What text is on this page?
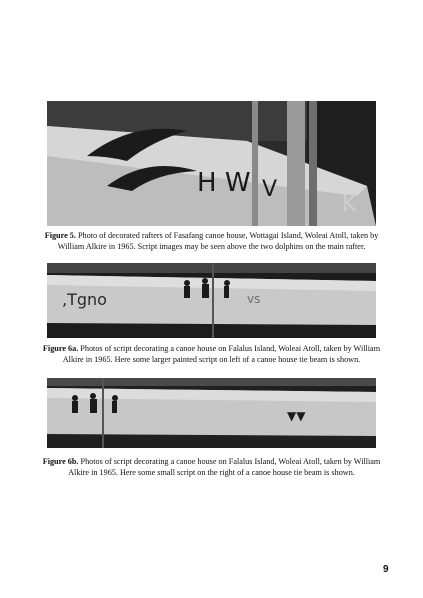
H W V
K
Figure 5. Photo of decorated rafters of Fasafang canoe house, Wottagai Island, Woleai Atoll, taken by William Alkire in 1965. Script images may be seen above the two dolphins on the main rafter.
,Tgno	vs
Figure 6a. Photos of script decorating a canoe house on Falalus Island, Woleai Atoll, taken by William Alkire in 1965. Here some larger painted script on left of a canoe house tie beam is shown.
▼▼
Figure 6b. Photos of script decorating a canoe house on Falalus Island, Woleai Atoll, taken by William Alkire in 1965. Here some small script on the right of a canoe house tie beam is shown.
9
